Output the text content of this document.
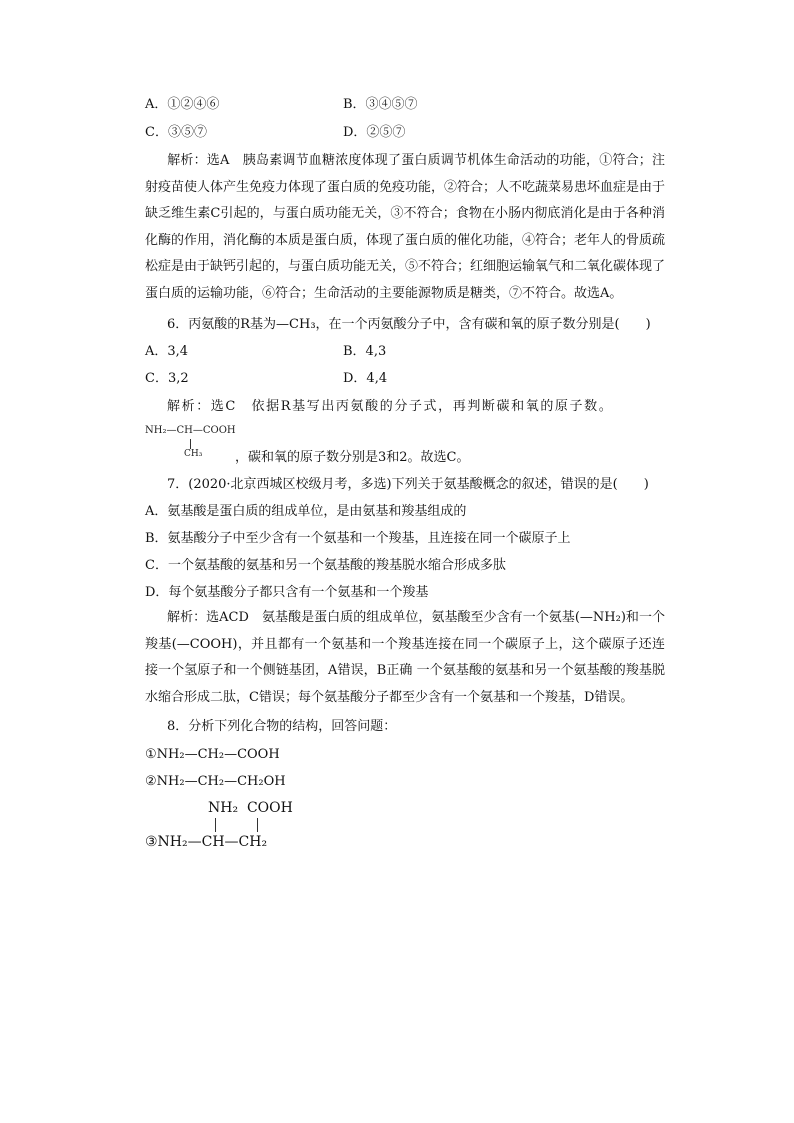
A．①②④⑥	B．③④⑤⑦
C．③⑤⑦	D．②⑤⑦
解析：选A　胰岛素调节血糖浓度体现了蛋白质调节机体生命活动的功能，①符合；注射疫苗使人体产生免疫力体现了蛋白质的免疫功能，②符合；人不吃蔬菜易患坏血症是由于缺乏维生素C引起的，与蛋白质功能无关，③不符合；食物在小肠内彻底消化是由于各种消化酶的作用，消化酶的本质是蛋白质，体现了蛋白质的催化功能，④符合；老年人的骨质疏松症是由于缺钙引起的，与蛋白质功能无关，⑤不符合；红细胞运输氧气和二氧化碳体现了蛋白质的运输功能，⑥符合；生命活动的主要能源物质是糖类，⑦不符合。故选A。
6．丙氨酸的R基为—CH₃，在一个丙氨酸分子中，含有碳和氧的原子数分别是(　　)
A．3,4	B．4,3
C．3,2	D．4,4
解析：选C　依据R基写出丙氨酸的分子式，再判断碳和氧的原子数。
NH₂—CH—COOH
CH₃	，碳和氧的原子数分别是3和2。故选C。
7．(2020·北京西城区校级月考，多选)下列关于氨基酸概念的叙述，错误的是(　　)
A．氨基酸是蛋白质的组成单位，是由氨基和羧基组成的
B．氨基酸分子中至少含有一个氨基和一个羧基，且连接在同一个碳原子上
C．一个氨基酸的氨基和另一个氨基酸的羧基脱水缩合形成多肽
D．每个氨基酸分子都只含有一个氨基和一个羧基
解析：选ACD　氨基酸是蛋白质的组成单位，氨基酸至少含有一个氨基(—NH₂)和一个羧基(—COOH)，并且都有一个氨基和一个羧基连接在同一个碳原子上，这个碳原子还连接一个氢原子和一个侧链基团，A错误，B正确 一个氨基酸的氨基和另一个氨基酸的羧基脱水缩合形成二肽，C错误；每个氨基酸分子都至少含有一个氨基和一个羧基，D错误。
8．分析下列化合物的结构，回答问题：
①NH₂—CH₂—COOH
②NH₂—CH₂—CH₂OH
NH₂  COOH
③NH₂—CH—CH₂
